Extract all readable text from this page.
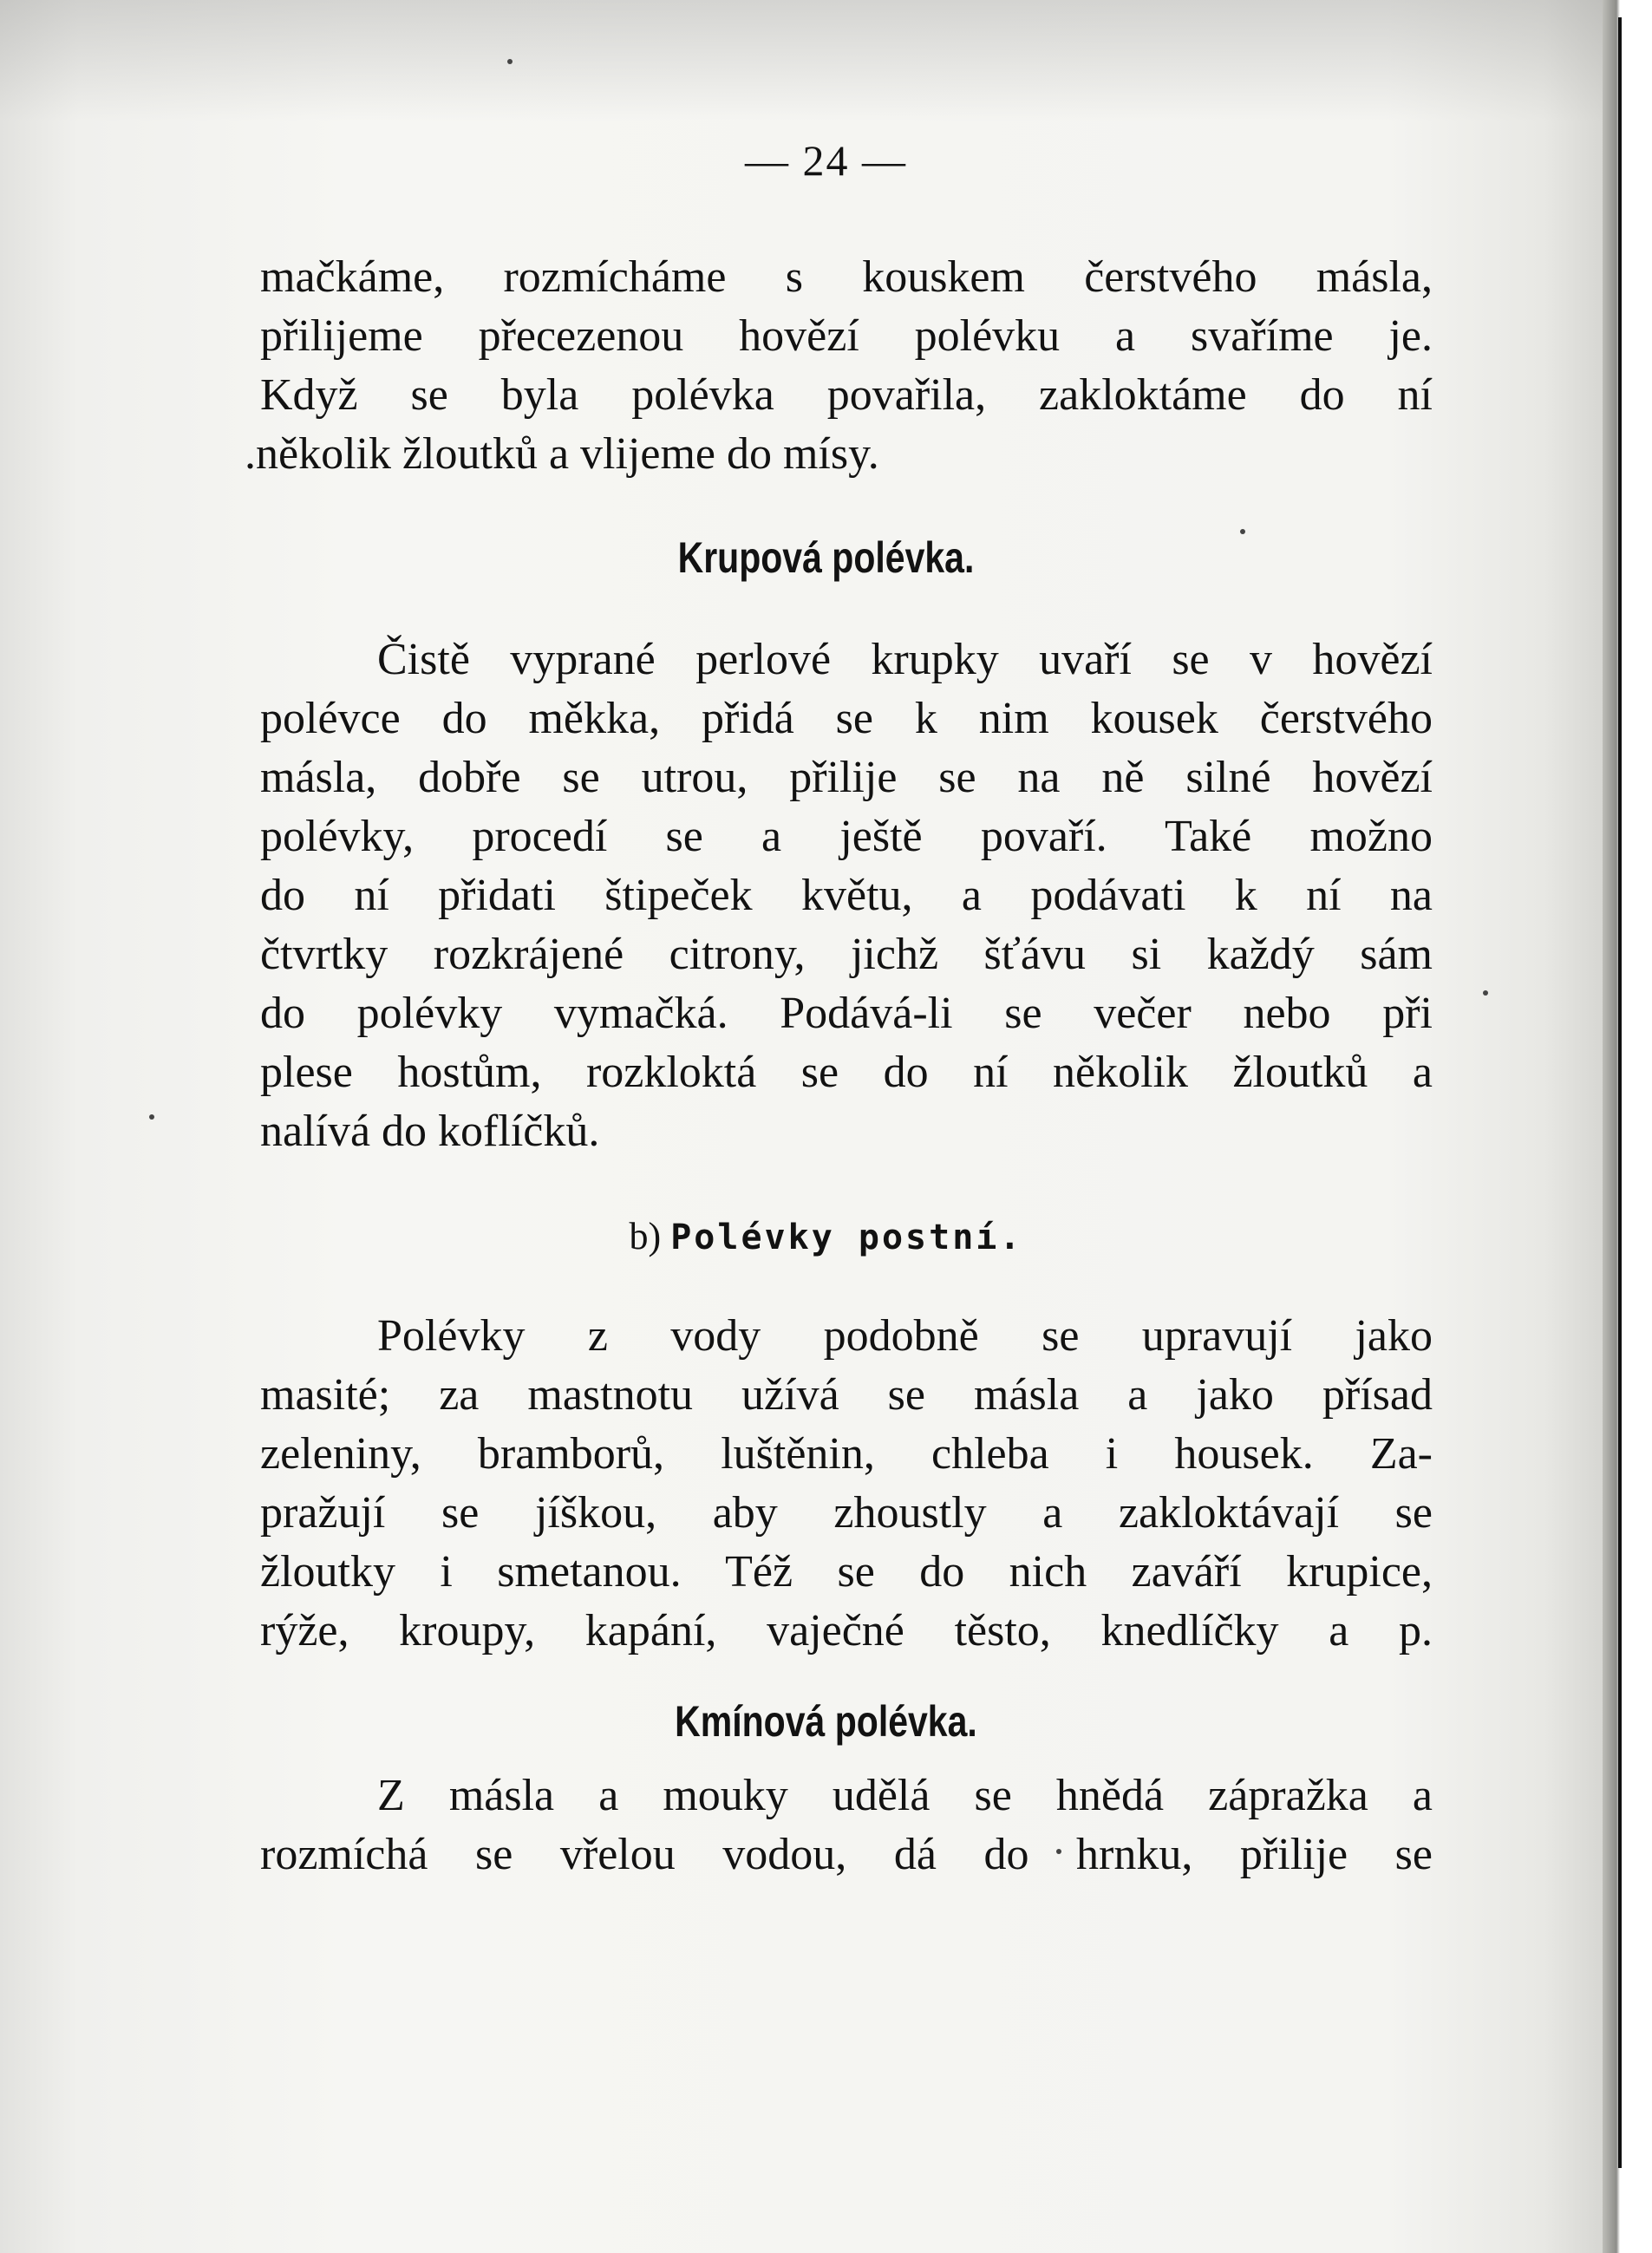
— 24 —
mačkáme, rozmícháme s kouskem čerstvého másla,
přilijeme přecezenou hovězí polévku a svaříme je.
Když se byla polévka povařila, zakloktáme do ní
.několik žloutků a vlijeme do mísy.
Krupová polévka.
Čistě vyprané perlové krupky uvaří se v hovězí
polévce do měkka, přidá se k nim kousek čerstvého
másla, dobře se utrou, přilije se na ně silné hovězí
polévky, procedí se a ještě povaří. Také možno
do ní přidati štipeček květu, a podávati k ní na
čtvrtky rozkrájené citrony, jichž šťávu si každý sám
do polévky vymačká. Podává-li se večer nebo při
plese hostům, rozkloktá se do ní několik žloutků a
nalívá do koflíčků.
b) Polévky postní.
Polévky z vody podobně se upravují jako
masité; za mastnotu užívá se másla a jako přísad
zeleniny, bramborů, luštěnin, chleba i housek. Za-
pražují se jíškou, aby zhoustly a zakloktávají se
žloutky i smetanou. Též se do nich zaváří krupice,
rýže, kroupy, kapání, vaječné těsto, knedlíčky a p.
Kmínová polévka.
Z másla a mouky udělá se hnědá zápražka a
rozmíchá se vřelou vodou, dá do hrnku, přilije se
